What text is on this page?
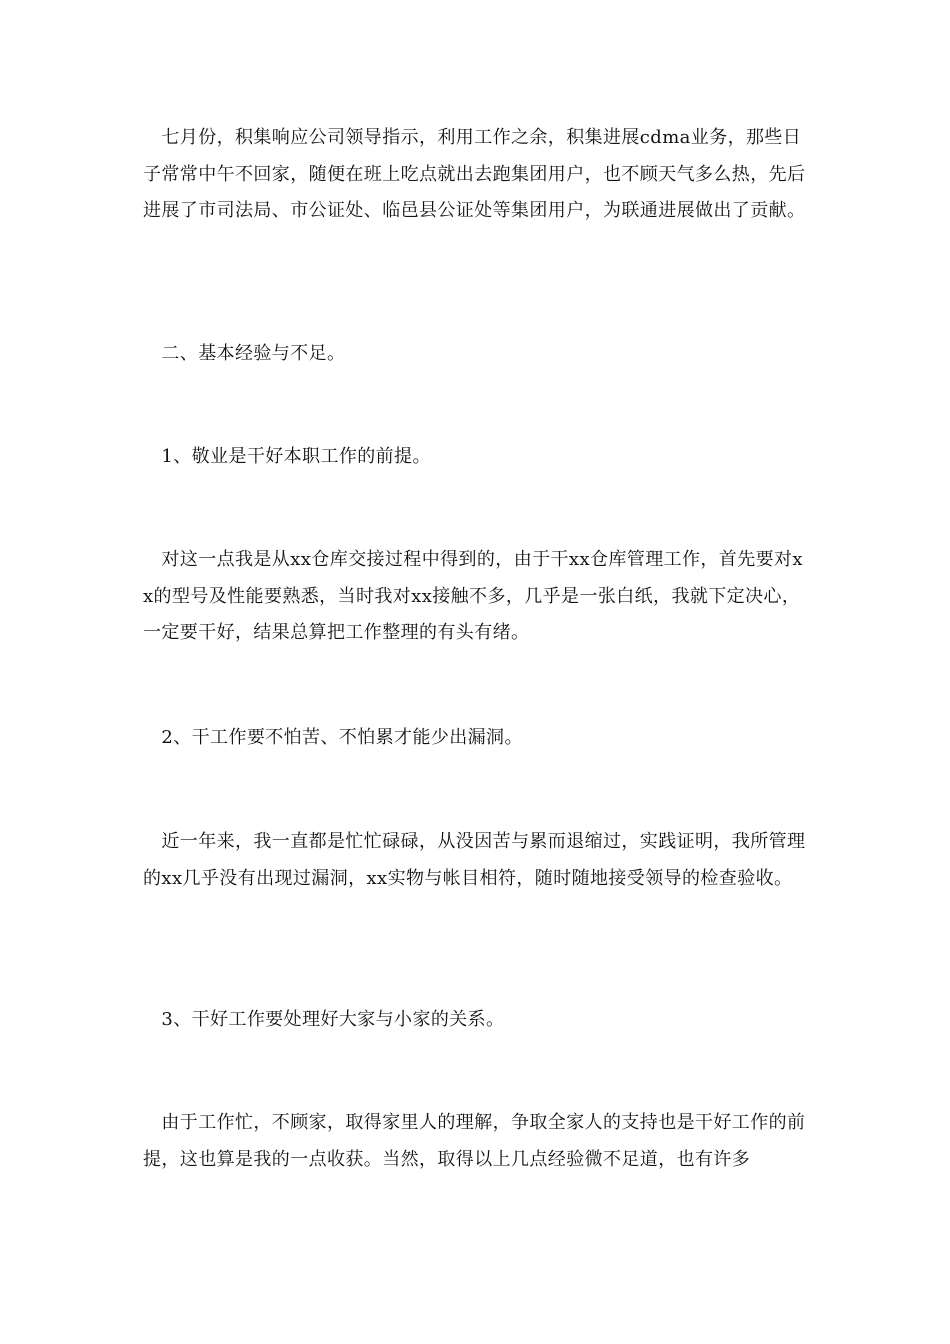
　七月份，积集响应公司领导指示，利用工作之余，积集进展cdma业务，那些日子常常中午不回家，随便在班上吃点就出去跑集团用户，也不顾天气多么热，先后进展了市司法局、市公证处、临邑县公证处等集团用户，为联通进展做出了贡献。

　二、基本经验与不足。

　1、敬业是干好本职工作的前提。

　对这一点我是从xx仓库交接过程中得到的，由于干xx仓库管理工作，首先要对xx的型号及性能要熟悉，当时我对xx接触不多，几乎是一张白纸，我就下定决心，一定要干好，结果总算把工作整理的有头有绪。

　2、干工作要不怕苦、不怕累才能少出漏洞。

　近一年来，我一直都是忙忙碌碌，从没因苦与累而退缩过，实践证明，我所管理的xx几乎没有出现过漏洞，xx实物与帐目相符，随时随地接受领导的检查验收。

　3、干好工作要处理好大家与小家的关系。

　由于工作忙，不顾家，取得家里人的理解，争取全家人的支持也是干好工作的前提，这也算是我的一点收获。当然，取得以上几点经验微不足道，也有许多
